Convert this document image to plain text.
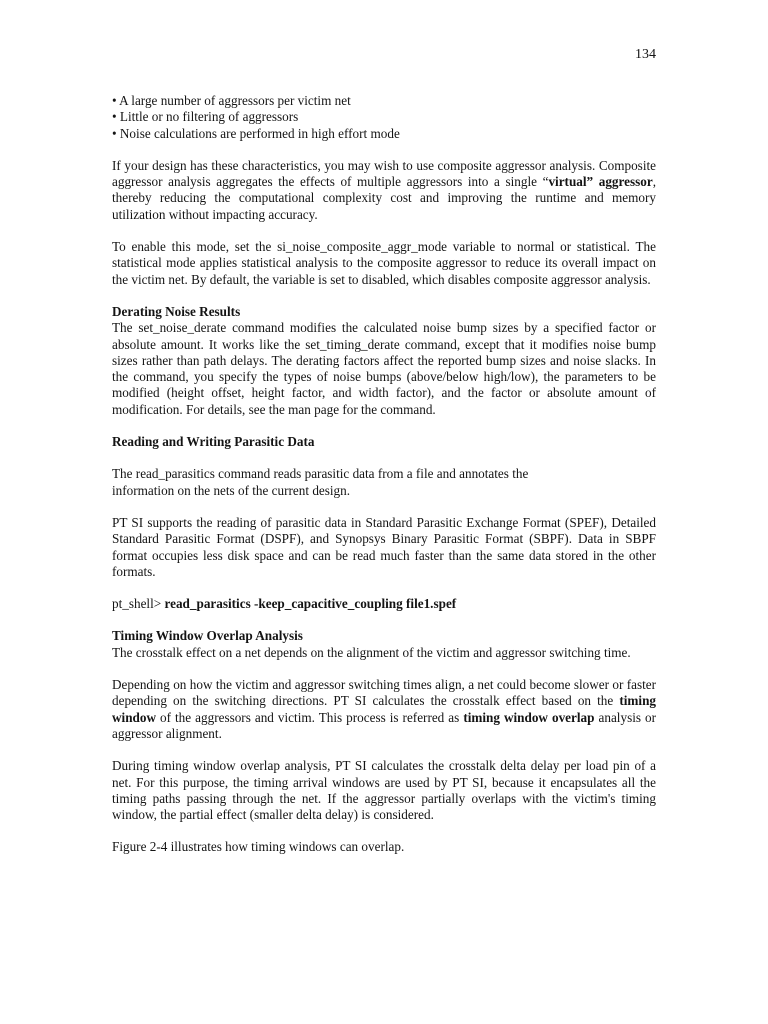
134
• A large number of aggressors per victim net
• Little or no filtering of aggressors
• Noise calculations are performed in high effort mode

If your design has these characteristics, you may wish to use composite aggressor analysis. Composite aggressor analysis aggregates the effects of multiple aggressors into a single “virtual” aggressor, thereby reducing the computational complexity cost and improving the runtime and memory utilization without impacting accuracy.

To enable this mode, set the si_noise_composite_aggr_mode variable to normal or statistical. The statistical mode applies statistical analysis to the composite aggressor to reduce its overall impact on the victim net. By default, the variable is set to disabled, which disables composite aggressor analysis.

Derating Noise Results

The set_noise_derate command modifies the calculated noise bump sizes by a specified factor or absolute amount. It works like the set_timing_derate command, except that it modifies noise bump sizes rather than path delays. The derating factors affect the reported bump sizes and noise slacks. In the command, you specify the types of noise bumps (above/below high/low), the parameters to be modified (height offset, height factor, and width factor), and the factor or absolute amount of modification. For details, see the man page for the command.

Reading and Writing Parasitic Data

The read_parasitics command reads parasitic data from a file and annotates the
information on the nets of the current design.

PT SI supports the reading of parasitic data in Standard Parasitic Exchange Format (SPEF), Detailed Standard Parasitic Format (DSPF), and Synopsys Binary Parasitic Format (SBPF). Data in SBPF format occupies less disk space and can be read much faster than the same data stored in the other formats.

pt_shell> read_parasitics -keep_capacitive_coupling file1.spef

Timing Window Overlap Analysis

The crosstalk effect on a net depends on the alignment of the victim and aggressor switching time.

Depending on how the victim and aggressor switching times align, a net could become slower or faster depending on the switching directions. PT SI calculates the crosstalk effect based on the timing window of the aggressors and victim. This process is referred as timing window overlap analysis or aggressor alignment.

During timing window overlap analysis, PT SI calculates the crosstalk delta delay per load pin of a net. For this purpose, the timing arrival windows are used by PT SI, because it encapsulates all the timing paths passing through the net. If the aggressor partially overlaps with the victim's timing window, the partial effect (smaller delta delay) is considered.

Figure 2-4 illustrates how timing windows can overlap.
